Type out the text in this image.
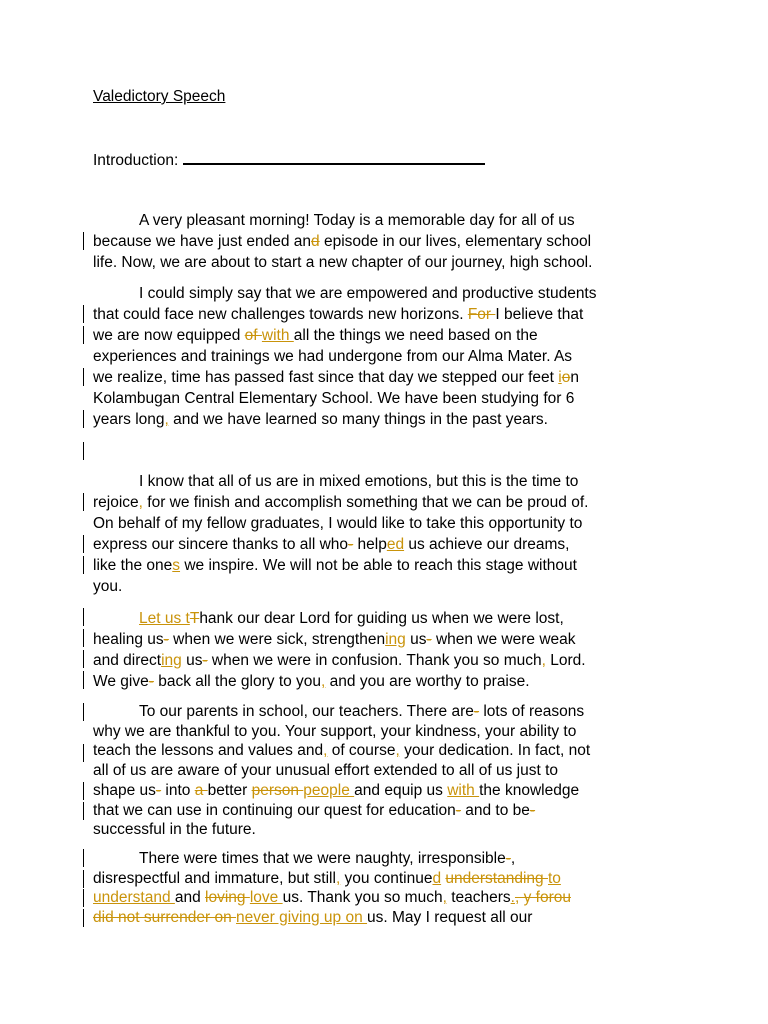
Valedictory Speech
Introduction:
A very pleasant morning! Today is a memorable day for all of us
because we have just ended and episode in our lives, elementary school
life. Now, we are about to start a new chapter of our journey, high school.
I could simply say that we are empowered and productive students
that could face new challenges towards new horizons. For I believe that
we are now equipped of with all the things we need based on the
experiences and trainings we had undergone from our Alma Mater. As
we realize, time has passed fast since that day we stepped our feet ion
Kolambugan Central Elementary School. We have been studying for 6
years long, and we have learned so many things in the past years.
I know that all of us are in mixed emotions, but this is the time to
rejoice, for we finish and accomplish something that we can be proud of.
On behalf of my fellow graduates, I would like to take this opportunity to
express our sincere thanks to all who- helped us achieve our dreams,
like the ones we inspire. We will not be able to reach this stage without
you.
Let us tThank our dear Lord for guiding us when we were lost,
healing us- when we were sick, strengthening us- when we were weak
and directing us- when we were in confusion. Thank you so much, Lord.
We give- back all the glory to you, and you are worthy to praise.
To our parents in school, our teachers. There are- lots of reasons
why we are thankful to you. Your support, your kindness, your ability to
teach the lessons and values and, of course, your dedication. In fact, not
all of us are aware of your unusual effort extended to all of us just to
shape us- into a better person people and equip us with the knowledge
that we can use in continuing our quest for education- and to be-
successful in the future.
There were times that we were naughty, irresponsible-,
disrespectful and immature, but still, you continued understanding to
understand and loving love us. Thank you so much, teachers., y forou
did not surrender on never giving up on us. May I request all our
